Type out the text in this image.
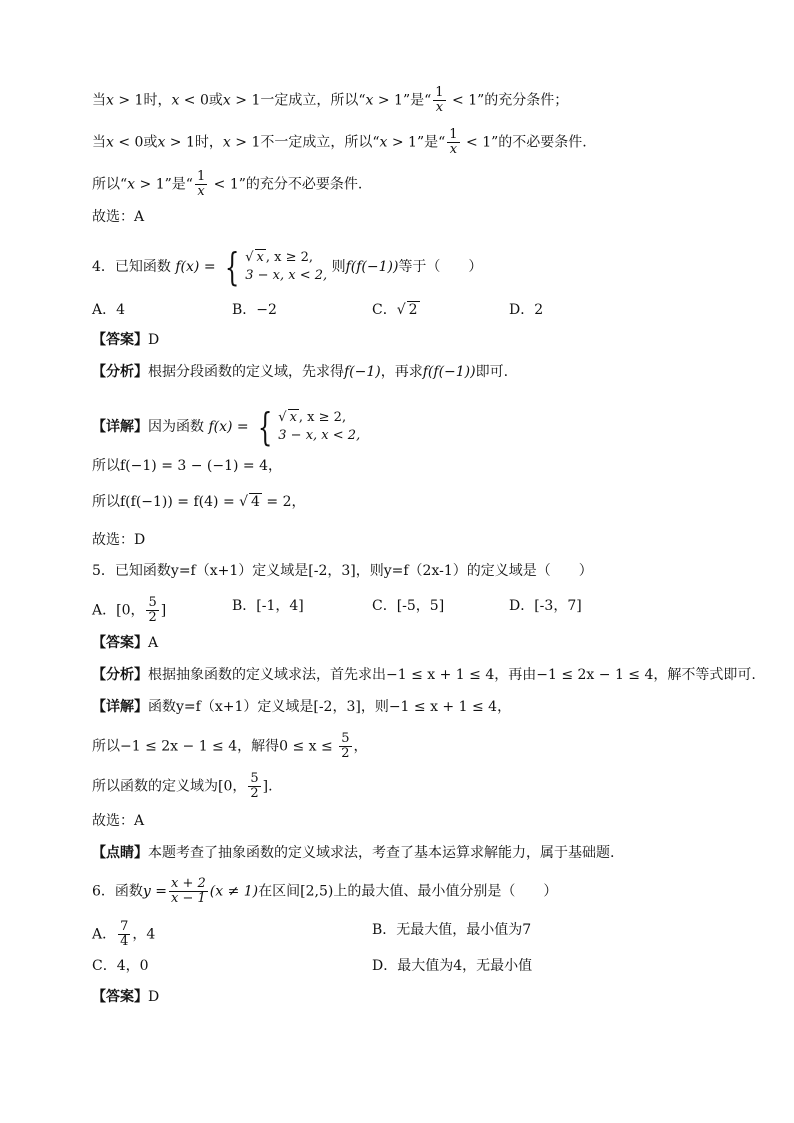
当x > 1时，x < 0或x > 1一定成立，所以“x > 1”是“ $\frac{1}{x} < 1$”的充分条件；
当x < 0或x > 1时，x > 1不一定成立，所以“x > 1”是“ $\frac{1}{x} < 1$”的不必要条件.
所以“x > 1”是“ $\frac{1}{x} < 1$”的充分不必要条件.
故选：A
4．已知函数 f(x) = { √ x , x ≥ 2,
3 − x, x < 2,
则f(f(−1))等于（　　）
A．4	B．−2	C．√ 2	D．2
【答案】D
【分析】根据分段函数的定义域，先求得f(−1)，再求f(f(−1))即可.
【详解】因为函数 f(x) = { √ x , x ≥ 2,
3 − x, x < 2,
所以f(−1) = 3 − (−1) = 4，
所以f(f(−1)) = f(4) = √ 4 = 2，
故选：D
5．已知函数y=f（x+1）定义域是[-2，3]，则y=f（2x-1）的定义域是（　　）
A．[0， $\frac{5}{2}$ ]	B．[-1，4]	C．[-5，5]	D．[-3，7]
【答案】A
【分析】根据抽象函数的定义域求法，首先求出−1 ≤ x + 1 ≤ 4，再由−1 ≤ 2x − 1 ≤ 4，解不等式即可.
【详解】函数y=f（x+1）定义域是[-2，3]，则−1 ≤ x + 1 ≤ 4，
所以−1 ≤ 2x − 1 ≤ 4，解得$0 \le x \le \frac{5}{2}$ ，
所以函数的定义域为[0， $\frac{5}{2}$ ].
故选：A
【点睛】本题考查了抽象函数的定义域求法，考查了基本运算求解能力，属于基础题.
6．函数$y = \frac{x + 2}{x - 1} (x \ne 1)$在区间[2,5)上的最大值、最小值分别是（　　）
A． $\frac{7}{4}$ ，4	B．无最大值，最小值为7
C．4，0	D．最大值为4，无最小值
【答案】D
